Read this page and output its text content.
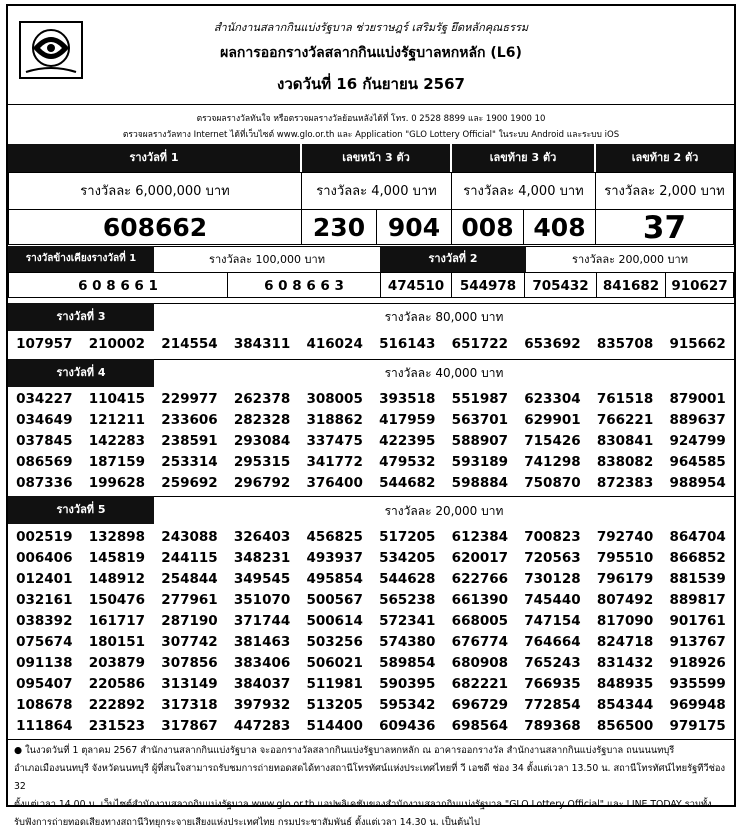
สำนักงานสลากกินแบ่งรัฐบาล ช่วยราษฎร์ เสริมรัฐ ยึดหลักคุณธรรม
ผลการออกรางวัลสลากกินแบ่งรัฐบาลหกหลัก (L6)
งวดวันที่ 16 กันยายน 2567
ตรวจผลรางวัลทันใจ หรือตรวจผลรางวัลย้อนหลังได้ที่ โทร. 0 2528 8899 และ 1900 1900 10
ตรวจผลรางวัลทาง Internet ได้ที่เว็บไซต์ www.glo.or.th และ Application "GLO Lottery Official" ในระบบ Android และระบบ iOS
รางวัลที่ 1	เลขหน้า 3 ตัว	เลขท้าย 3 ตัว	เลขท้าย 2 ตัว
รางวัลละ 6,000,000 บาท	รางวัลละ 4,000 บาท	รางวัลละ 4,000 บาท	รางวัลละ 2,000 บาท
608662	230 904 008 408	37
รางวัลข้างเคียงรางวัลที่ 1	รางวัลละ 100,000 บาท	รางวัลที่ 2	รางวัลละ 200,000 บาท
6 0 8 6 6 1	6 0 8 6 6 3	474510	544978	705432	841682 910627
รางวัลที่ 3	รางวัลละ 80,000 บาท
107957	210002	214554	384311	416024	516143	651722	653692	835708	915662
รางวัลที่ 4	รางวัลละ 40,000 บาท
034227	110415	229977	262378	308005	393518	551987	623304	761518	879001
034649	121211	233606	282328	318862	417959	563701	629901	766221	889637
037845	142283	238591	293084	337475	422395	588907	715426	830841	924799
086569	187159	253314	295315	341772	479532	593189	741298	838082	964585
087336	199628	259692	296792	376400	544682	598884	750870	872383	988954
รางวัลที่ 5	รางวัลละ 20,000 บาท
002519	132898	243088	326403	456825	517205	612384	700823	792740	864704
006406	145819	244115	348231	493937	534205	620017	720563	795510	866852
012401	148912	254844	349545	495854	544628	622766	730128	796179	881539
032161	150476	277961	351070	500567	565238	661390	745440	807492	889817
038392	161717	287190	371744	500614	572341	668005	747154	817090	901761
075674	180151	307742	381463	503256	574380	676774	764664	824718	913767
091138	203879	307856	383406	506021	589854	680908	765243	831432	918926
095407	220586	313149	384037	511981	590395	682221	766935	848935	935599
108678	222892	317318	397932	513205	595342	696729	772854	854344	969948
111864	231523	317867	447283	514400	609436	698564	789368	856500	979175
● ในงวดวันที่ 1 ตุลาคม 2567 สำนักงานสลากกินแบ่งรัฐบาล จะออกรางวัลสลากกินแบ่งรัฐบาลหกหลัก ณ อาคารออกรางวัล สำนักงานสลากกินแบ่งรัฐบาล ถนนนนทบุรี
อำเภอเมืองนนทบุรี จังหวัดนนทบุรี ผู้ที่สนใจสามารถรับชมการถ่ายทอดสดได้ทางสถานีโทรทัศน์แห่งประเทศไทยที่ วี เอชดี ช่อง 34 ตั้งแต่เวลา 13.50 น. สถานีโทรทัศน์ไทยรัฐทีวีช่อง 32
ตั้งแต่เวลา 14.00 น. เว็บไซต์สำนักงานสลากกินแบ่งรัฐบาล www.glo.or.th แอปพลิเคชันของสำนักงานสลากกินแบ่งรัฐบาล "GLO Lottery Official" และ LINE TODAY รวมทั้ง
รับฟังการถ่ายทอดเสียงทางสถานีวิทยุกระจายเสียงแห่งประเทศไทย กรมประชาสัมพันธ์ ตั้งแต่เวลา 14.30 น. เป็นต้นไป
